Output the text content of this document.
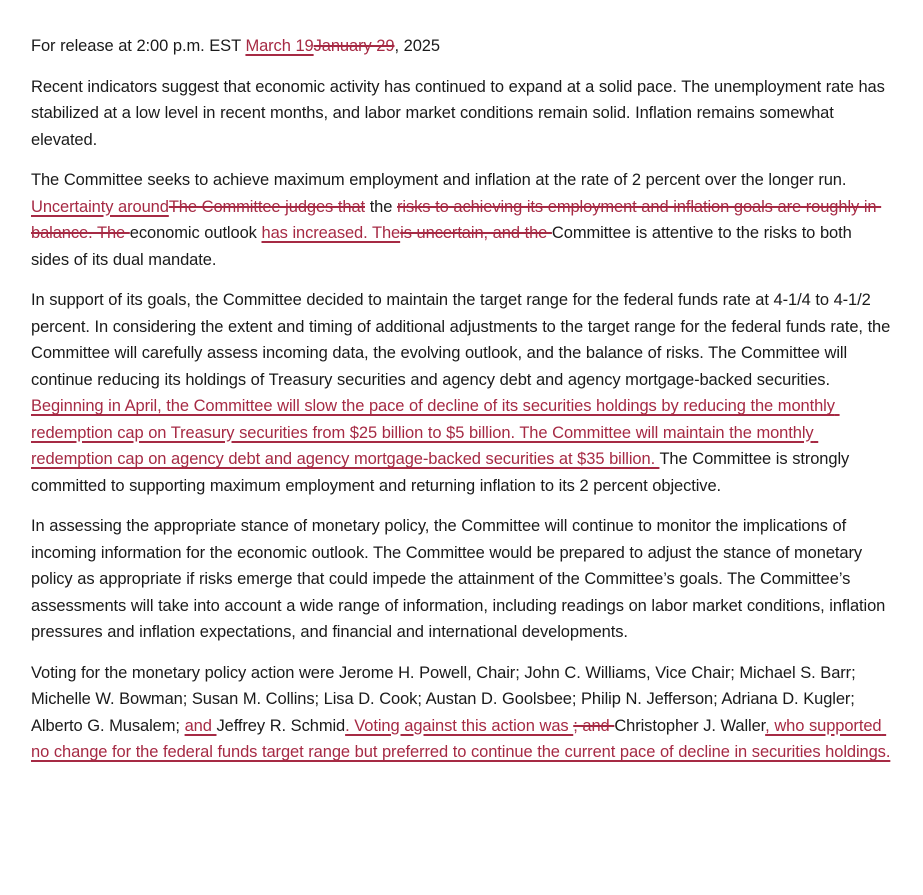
For release at 2:00 p.m. EST March 19January 29, 2025

Recent indicators suggest that economic activity has continued to expand at a solid pace. The unemployment rate has stabilized at a low level in recent months, and labor market conditions remain solid. Inflation remains somewhat elevated.

The Committee seeks to achieve maximum employment and inflation at the rate of 2 percent over the longer run. Uncertainty aroundThe Committee judges that the risks to achieving its employment and inflation goals are roughly in balance. The economic outlook has increased. Theis uncertain, and the Committee is attentive to the risks to both sides of its dual mandate.

In support of its goals, the Committee decided to maintain the target range for the federal funds rate at 4-1/4 to 4-1/2 percent. In considering the extent and timing of additional adjustments to the target range for the federal funds rate, the Committee will carefully assess incoming data, the evolving outlook, and the balance of risks. The Committee will continue reducing its holdings of Treasury securities and agency debt and agency mortgage-backed securities. Beginning in April, the Committee will slow the pace of decline of its securities holdings by reducing the monthly redemption cap on Treasury securities from $25 billion to $5 billion. The Committee will maintain the monthly redemption cap on agency debt and agency mortgage-backed securities at $35 billion. The Committee is strongly committed to supporting maximum employment and returning inflation to its 2 percent objective.

In assessing the appropriate stance of monetary policy, the Committee will continue to monitor the implications of incoming information for the economic outlook. The Committee would be prepared to adjust the stance of monetary policy as appropriate if risks emerge that could impede the attainment of the Committee’s goals. The Committee’s assessments will take into account a wide range of information, including readings on labor market conditions, inflation pressures and inflation expectations, and financial and international developments.

Voting for the monetary policy action were Jerome H. Powell, Chair; John C. Williams, Vice Chair; Michael S. Barr; Michelle W. Bowman; Susan M. Collins; Lisa D. Cook; Austan D. Goolsbee; Philip N. Jefferson; Adriana D. Kugler; Alberto G. Musalem; and Jeffrey R. Schmid. Voting against this action was ; and Christopher J. Waller, who supported no change for the federal funds target range but preferred to continue the current pace of decline in securities holdings.
